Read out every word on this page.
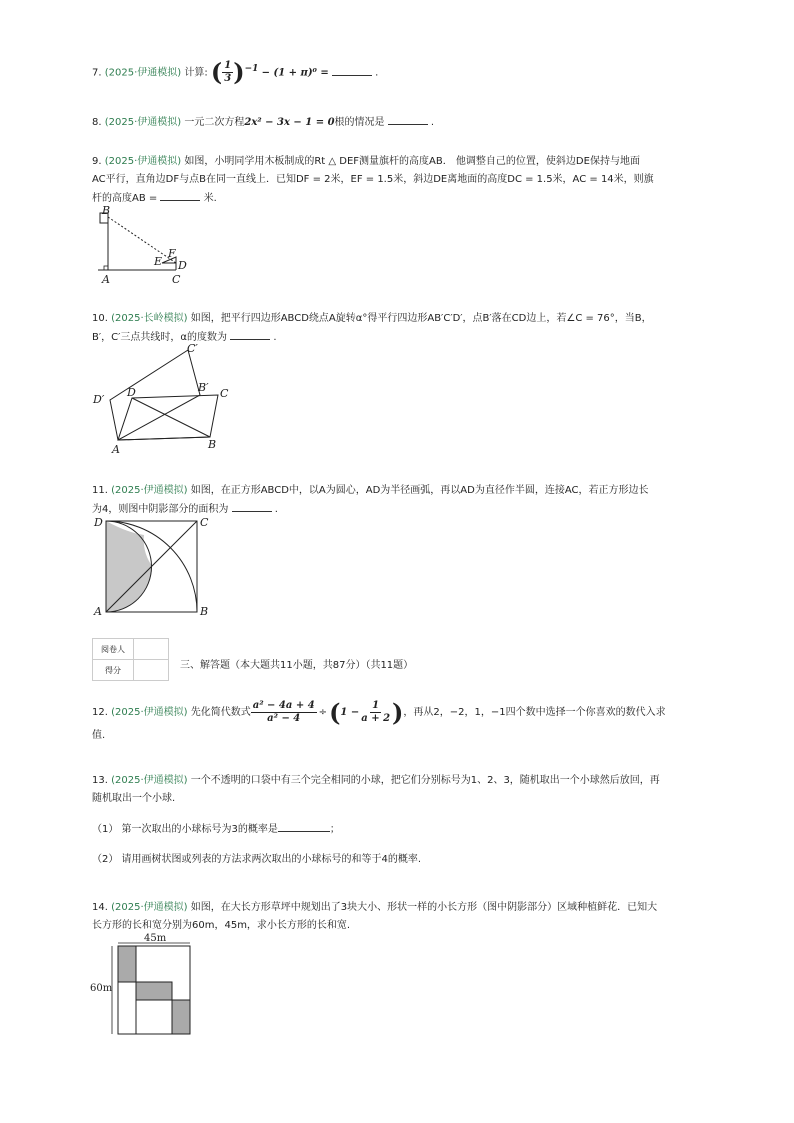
7. (2025·伊通模拟) 计算: ( $\frac{1}{3} )^{-1} - (1 + \pi)^0$ =	.
8. (2025·伊通模拟) 一元二次方程2x² − 3x − 1 = 0根的情况是	.
9. (2025·伊通模拟) 如图，小明同学用木板制成的Rt △ DEF测量旗杆的高度AB． 他调整自己的位置，使斜边DE保持与地面
AC平行，直角边DF与点B在同一直线上．已知DF = 2米，EF = 1.5米，斜边DE离地面的高度DC = 1.5米，AC = 14米，则旗
杆的高度AB =	米.
B
A	C
E
F
D
10. (2025·长岭模拟) 如图，把平行四边形ABCD绕点A旋转α°得平行四边形AB′C′D′，点B′落在CD边上，若∠C = 76°，当B，
B′，C′三点共线时，α的度数为	.
C′
D′
D	B′ C
A	B
11. (2025·伊通模拟) 如图，在正方形ABCD中，以A为圆心，AD为半径画弧，再以AD为直径作半圆，连接AC，若正方形边长
为4，则图中阴影部分的面积为	.
D	C
A	B
阅卷人	
得分		三、解答题（本大题共11小题，共87分）（共11题）
12.
(2025·伊通模拟)
先化简代数式 $\frac{\text{a² − 4a + 4}}{\text{a² − 4}}$ ÷ ( $1 - \frac{1}{a + 2}$ ) ，再从2，−2，1，−1四个数中选择一个你喜欢的数代入求
值.
13. (2025·伊通模拟) 一个不透明的口袋中有三个完全相同的小球，把它们分别标号为1、2、3，随机取出一个小球然后放回，再
随机取出一个小球.
（1） 第一次取出的小球标号为3的概率是	；
（2） 请用画树状图或列表的方法求两次取出的小球标号的和等于4的概率.
14. (2025·伊通模拟) 如图，在大长方形草坪中规划出了3块大小、形状一样的小长方形（图中阴影部分）区域种植鲜花．已知大
长方形的长和宽分别为60m，45m，求小长方形的长和宽.
45m
60m
